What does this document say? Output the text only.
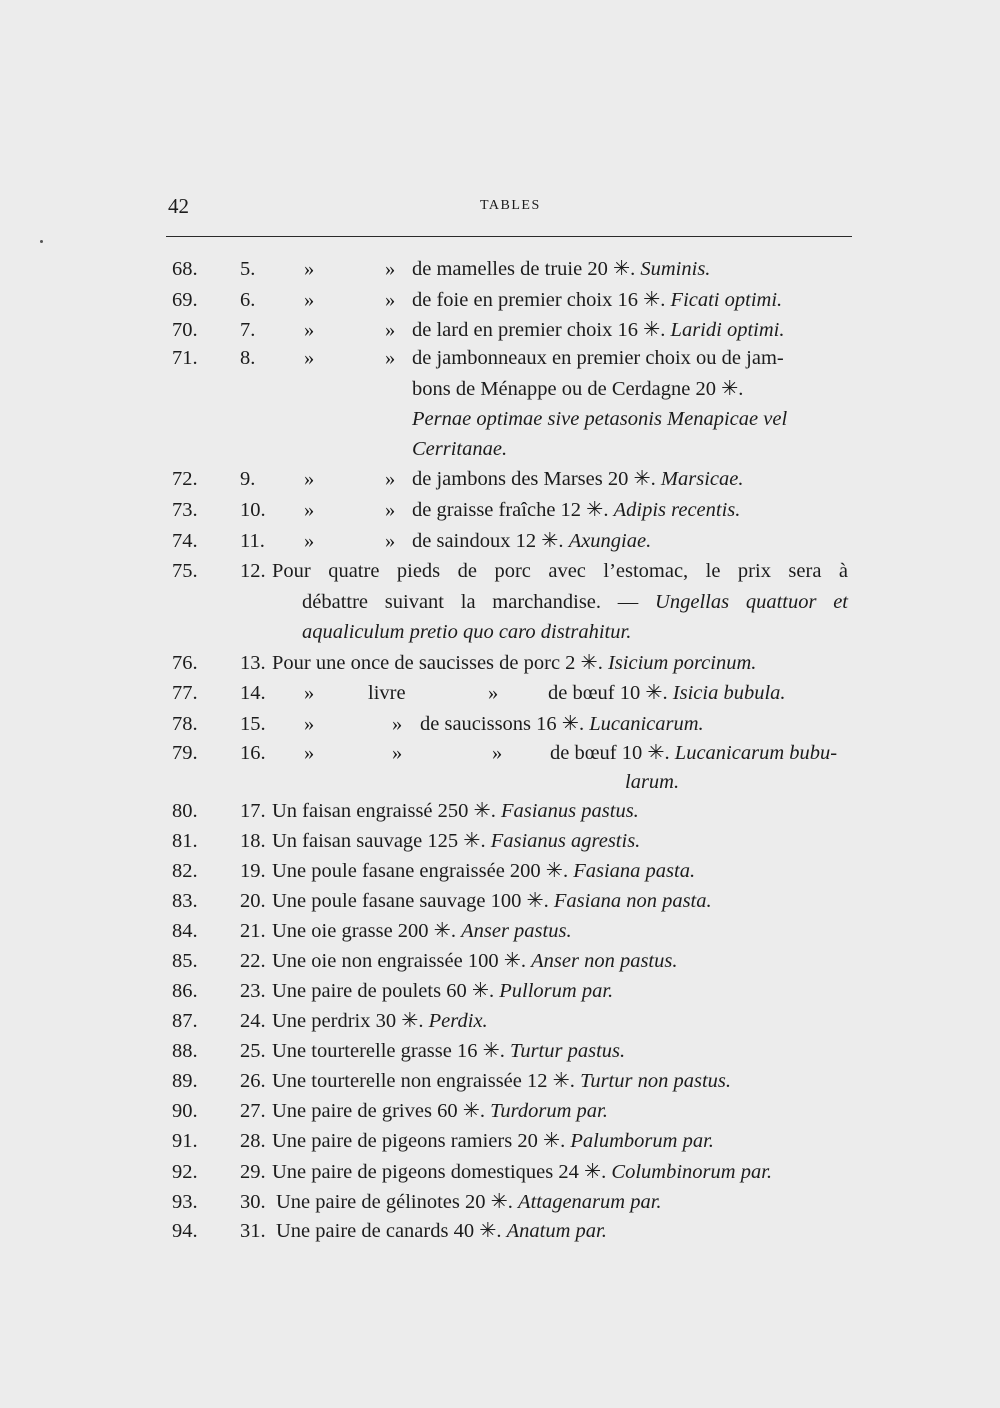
42	TABLES
68. 5. »	» de mamelles de truie 20 ✳. Suminis.
69. 6. »	» de foie en premier choix 16 ✳. Ficati optimi.
70. 7. »	» de lard en premier choix 16 ✳. Laridi optimi.
71. 8. »	» de jambonneaux en premier choix ou de jam-
bons de Ménappe ou de Cerdagne 20 ✳.
Pernae optimae sive petasonis Menapicae vel
Cerritanae.
72. 9. »	» de jambons des Marses 20 ✳. Marsicae.
73. 10. »	» de graisse fraîche 12 ✳. Adipis recentis.
74. 11. »	» de saindoux 12 ✳. Axungiae.
75. 12. Pour quatre pieds de porc avec l’estomac, le prix sera à
débattre suivant la marchandise. — Ungellas quattuor et
aqualiculum pretio quo caro distrahitur.
76. 13. Pour une once de saucisses de porc 2 ✳. Isicium porcinum.
77. 14. »	livre	» de bœuf 10 ✳. Isicia bubula.
78. 15. »	» de saucissons 16 ✳. Lucanicarum.
79. 16. »	»	» de bœuf 10 ✳. Lucanicarum bubu-
larum.
80. 17. Un faisan engraissé 250 ✳. Fasianus pastus.
81. 18. Un faisan sauvage 125 ✳. Fasianus agrestis.
82. 19. Une poule fasane engraissée 200 ✳. Fasiana pasta.
83. 20. Une poule fasane sauvage 100 ✳. Fasiana non pasta.
84. 21. Une oie grasse 200 ✳. Anser pastus.
85. 22. Une oie non engraissée 100 ✳. Anser non pastus.
86. 23. Une paire de poulets 60 ✳. Pullorum par.
87. 24. Une perdrix 30 ✳. Perdix.
88. 25. Une tourterelle grasse 16 ✳. Turtur pastus.
89. 26. Une tourterelle non engraissée 12 ✳. Turtur non pastus.
90. 27. Une paire de grives 60 ✳. Turdorum par.
91. 28. Une paire de pigeons ramiers 20 ✳. Palumborum par.
92. 29. Une paire de pigeons domestiques 24 ✳. Columbinorum par.
93. 30. Une paire de gélinotes 20 ✳. Attagenarum par.
94. 31. Une paire de canards 40 ✳. Anatum par.
